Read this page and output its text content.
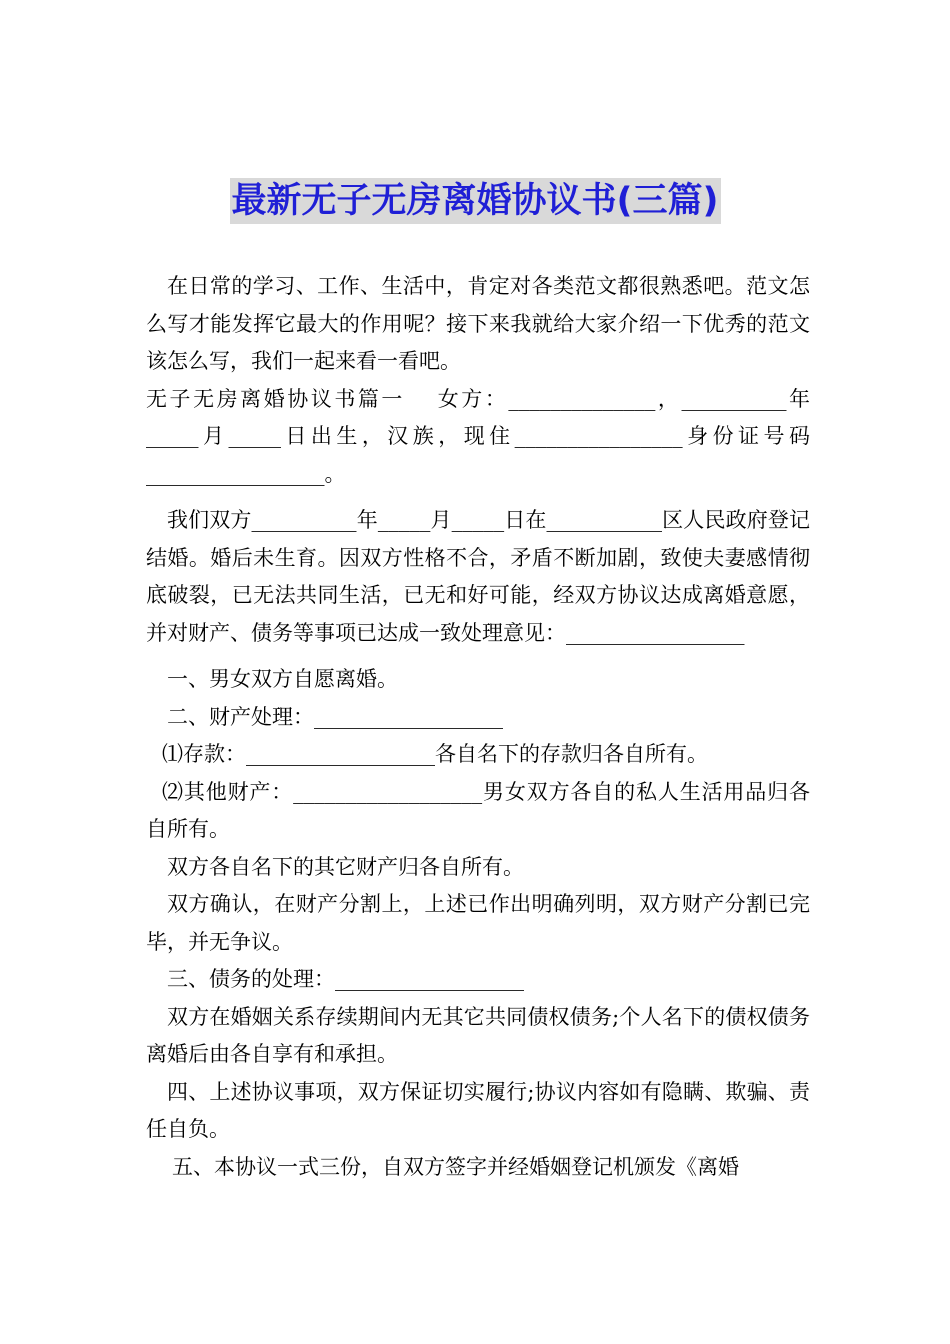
最新无子无房离婚协议书(三篇)

在日常的学习、工作、生活中，肯定对各类范文都很熟悉吧。范文怎么写才能发挥它最大的作用呢？接下来我就给大家介绍一下优秀的范文该怎么写，我们一起来看一看吧。

无子无房离婚协议书篇一　 女方：______________，__________年_____月_____日出生，汉族，现住________________身份证号码_________________。

我们双方__________年_____月_____日在___________区人民政府登记结婚。婚后未生育。因双方性格不合，矛盾不断加剧，致使夫妻感情彻底破裂，已无法共同生活，已无和好可能，经双方协议达成离婚意愿，并对财产、债务等事项已达成一致处理意见：_________________

一、男女双方自愿离婚。

二、财产处理：__________________

⑴存款：__________________各自名下的存款归各自所有。

⑵其他财产：__________________男女双方各自的私人生活用品归各自所有。

双方各自名下的其它财产归各自所有。

双方确认，在财产分割上，上述已作出明确列明，双方财产分割已完毕，并无争议。

三、债务的处理：__________________

双方在婚姻关系存续期间内无其它共同债权债务;个人名下的债权债务离婚后由各自享有和承担。

四、上述协议事项，双方保证切实履行;协议内容如有隐瞒、欺骗、责任自负。

五、本协议一式三份，自双方签字并经婚姻登记机颁发《离婚
